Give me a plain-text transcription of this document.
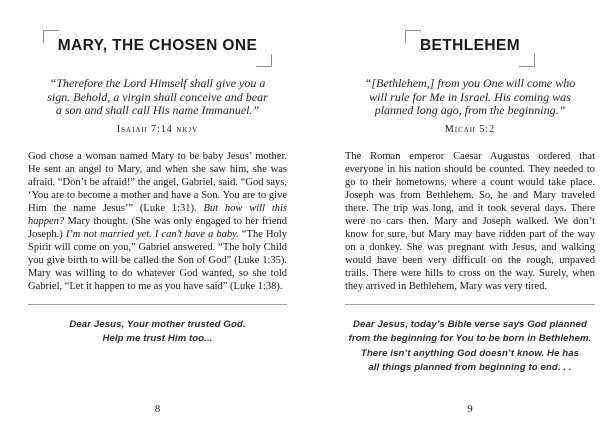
MARY, THE CHOSEN ONE

“Therefore the Lord Himself shall give you a
sign. Behold, a virgin shall conceive and bear
a son and shall call His name Immanuel.”

Isaiah 7:14 nkjv

God chose a woman named Mary to be baby Jesus’ mother. He sent an angel to Mary, and when she saw him, she was afraid. “Don’t be afraid!” the angel, Gabriel, said. “God says, ‘You are to become a mother and have a Son. You are to give Him the name Jesus’” (Luke 1:31). But how will this happen? Mary thought. (She was only engaged to her friend Joseph.) I’m not married yet. I can’t have a baby. “The Holy Spirit will come on you,” Gabriel answered. “The holy Child you give birth to will be called the Son of God” (Luke 1:35). Mary was willing to do whatever God wanted, so she told Gabriel, “Let it happen to me as you have said” (Luke 1:38).

Dear Jesus, Your mother trusted God.
Help me trust Him too...

8
BETHLEHEM

“[Bethlehem,] from you One will come who
will rule for Me in Israel. His coming was
planned long ago, from the beginning.”

Micah 5:2

The Roman emperor Caesar Augustus ordered that everyone in his nation should be counted. They needed to go to their hometowns, where a count would take place. Joseph was from Bethlehem. So, he and Mary traveled there. The trip was long, and it took several days. There were no cars then. Mary and Joseph walked. We don’t know for sure, but Mary may have ridden part of the way on a donkey. She was pregnant with Jesus, and walking would have been very difficult on the rough, unpaved trails. There were hills to cross on the way. Surely, when they arrived in Bethlehem, Mary was very tired.

Dear Jesus, today’s Bible verse says God planned
from the beginning for You to be born in Bethlehem.
There isn’t anything God doesn’t know. He has
all things planned from beginning to end. . .

9
